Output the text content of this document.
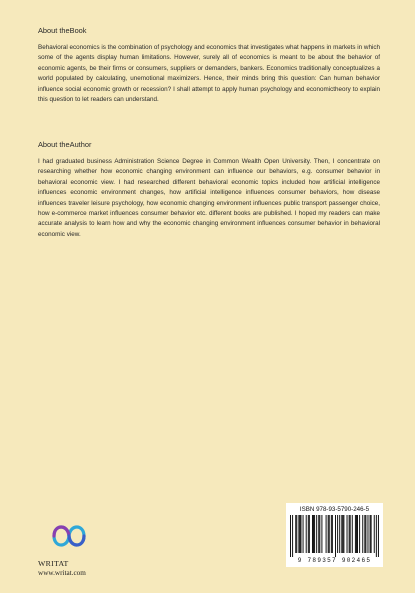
About theBook

Behavioral economics is the combination of psychology and economics that investigates what happens in markets in which some of the agents display human limitations. However, surely all of economics is meant to be about the behavior of economic agents, be their firms or consumers, suppliers or demanders, bankers. Economics traditionally conceptualizes a world populated by calculating, unemotional maximizers. Hence, their minds bring this question: Can human behavior influence social economic growth or recession? I shall attempt to apply human psychology and economictheory to explain this question to let readers can understand.

About theAuthor

I had graduated business Administration Science Degree in Common Wealth Open University. Then, I concentrate on researching whether how economic changing environment can influence our behaviors, e.g. consumer behavior in behavioral economic view. I had researched different behavioral economic topics included how artificial intelligence influences economic environment changes, how artificial intelligence influences consumer behaviors, how disease influences traveler leisure psychology, how economic changing environment influences public transport passenger choice, how e-commerce market influences consumer behavior etc. different books are published. I hoped my readers can make accurate analysis to learn how and why the economic changing environment influences consumer behavior in behavioral economic view.

WRITAT
www.writat.com
ISBN 978-93-5790-246-5
9 789357 902465
